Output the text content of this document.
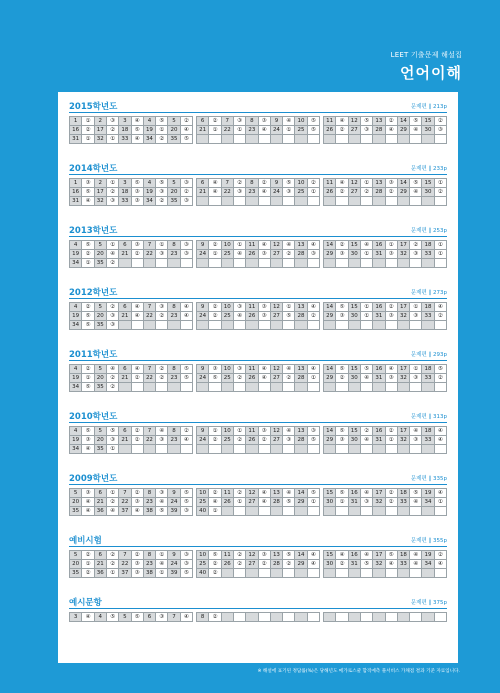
LEET 기출문제 해설집
언어이해
2015학년도	문제편 ∥ 213p
1	①	2	③	3	④	4	⑤	5	②
16	②	17	②	18	⑤	19	①	20	④
31	①	32	①	33	④	34	②	35	⑤
6	②	7	③	8	③	9	④	10	⑤
21	①	22	①	23	④	24	①	25	⑤
11	④	12	⑤	13	②	14	⑤	15	②
26	②	27	③	28	④	29	④	30	③
2014학년도	문제편 ∥ 233p
1	③	2	①	3	⑤	4	⑤	5	③
16	⑤	17	②	18	③	19	③	20	②
31	④	32	③	33	③	34	②	35	③
6	④	7	②	8	②	9	⑤	10	②
21	④	22	③	23	④	24	③	25	①
11	④	12	①	13	③	14	⑤	15	①
26	②	27	②	28	②	29	④	30	②
2013학년도	문제편 ∥ 253p
4	⑤	5	①	6	③	7	①	8	③
19	②	20	④	21	②	22	③	23	③
34	①	35	②
9	②	10	①	11	④	12	④	13	④
24	①	25	④	26	③	27	②	28	③
14	②	15	④	16	①	17	②	18	①
29	③	30	①	31	③	32	③	33	①
2012학년도	문제편 ∥ 273p
4	②	5	②	6	④	7	③	8	④
19	⑤	20	③	21	④	22	②	23	④
34	⑤	35	③
9	②	10	③	11	③	12	①	13	④
24	②	25	④	26	③	27	⑤	28	②
14	⑤	15	①	16	②	17	①	18	④
29	③	30	①	31	③	32	③	33	②
2011학년도	문제편 ∥ 293p
4	②	5	④	6	④	7	②	8	⑤
19	①	20	②	21	②	22	②	23	⑤
34	⑤	35	②
9	③	10	③	11	④	12	④	13	④
24	⑤	25	②	26	④	27	②	28	①
14	⑤	15	⑤	16	④	17	①	18	⑤
29	②	30	④	31	③	32	③	33	②
2010학년도	문제편 ∥ 313p
4	⑤	5	⑤	6	②	7	④	8	②
19	③	20	③	21	②	22	③	23	④
34	④	35	①
9	①	10	①	11	③	12	④	13	③
24	②	25	②	26	②	27	③	28	⑤
14	⑤	15	②	16	②	17	④	18	④
29	③	30	④	31	①	32	③	33	④
2009학년도	문제편 ∥ 335p
5	③	6	①	7	②	8	③	9	⑤
20	④	21	②	22	③	23	④	24	⑤
35	④	36	④	37	④	38	⑤	39	③
10	②	11	②	12	④	13	④	14	⑤
25	④	26	①	27	④	28	⑤	29	①
40	①
15	⑤	16	④	17	②	18	⑤	19	④
30	①	31	③	32	②	33	④	34	①
예비시험	문제편 ∥ 355p
5	②	6	②	7	②	8	①	9	③
20	①	21	②	22	③	23	④	24	③
35	②	36	①	37	③	38	①	39	⑤
10	⑤	11	②	12	③	13	⑤	14	④
25	②	26	②	27	②	28	②	29	④
40	②
15	④	16	④	17	⑤	18	④	19	②
30	②	31	⑤	32	④	33	④	34	④
예시문항	문제편 ∥ 375p
3	④	4	⑤	5	⑤	6	③	7	④	8	②
※ 해설에 표기된 정답률(%)은 당해년도 메가로스쿨 합격예측 풀서비스 가채점 결과 기준 자료입니다.
